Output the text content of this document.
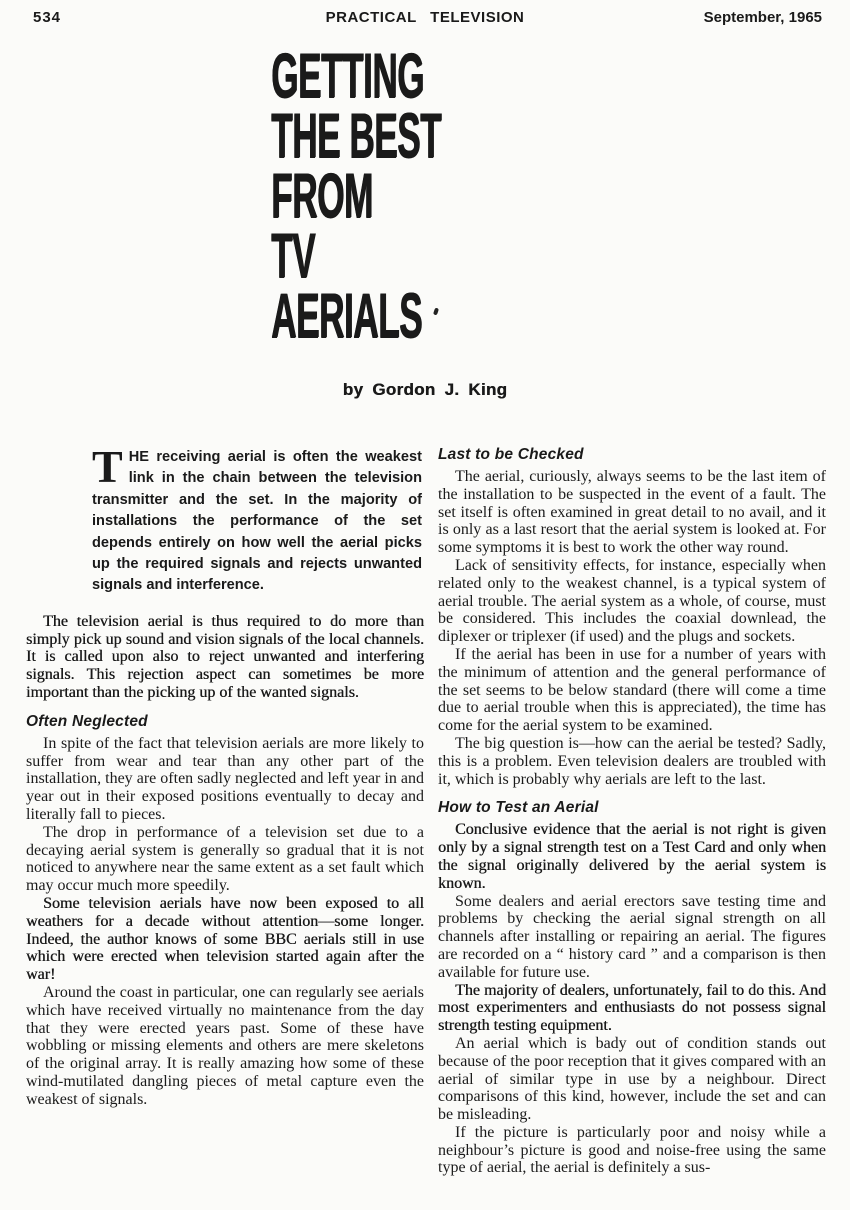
534	PRACTICAL TELEVISION	September, 1965
GETTING
THE BEST
FROM
TV
AERIALS
by Gordon J. King

THE receiving aerial is often the weakest link in the chain between the television transmitter and the set. In the majority of installations the performance of the set depends entirely on how well the aerial picks up the required signals and rejects unwanted signals and interference.

The television aerial is thus required to do more than simply pick up sound and vision signals of the local channels. It is called upon also to reject unwanted and interfering signals. This rejection aspect can sometimes be more important than the picking up of the wanted signals.

Often Neglected

In spite of the fact that television aerials are more likely to suffer from wear and tear than any other part of the installation, they are often sadly neglected and left year in and year out in their exposed positions eventually to decay and literally fall to pieces.

The drop in performance of a television set due to a decaying aerial system is generally so gradual that it is not noticed to anywhere near the same extent as a set fault which may occur much more speedily.

Some television aerials have now been exposed to all weathers for a decade without attention—some longer. Indeed, the author knows of some BBC aerials still in use which were erected when television started again after the war!

Around the coast in particular, one can regularly see aerials which have received virtually no maintenance from the day that they were erected years past. Some of these have wobbling or missing elements and others are mere skeletons of the original array. It is really amazing how some of these wind-mutilated dangling pieces of metal capture even the weakest of signals.

Last to be Checked

The aerial, curiously, always seems to be the last item of the installation to be suspected in the event of a fault. The set itself is often examined in great detail to no avail, and it is only as a last resort that the aerial system is looked at. For some symptoms it is best to work the other way round.

Lack of sensitivity effects, for instance, especially when related only to the weakest channel, is a typical system of aerial trouble. The aerial system as a whole, of course, must be considered. This includes the coaxial downlead, the diplexer or triplexer (if used) and the plugs and sockets.

If the aerial has been in use for a number of years with the minimum of attention and the general performance of the set seems to be below standard (there will come a time due to aerial trouble when this is appreciated), the time has come for the aerial system to be examined.

The big question is—how can the aerial be tested? Sadly, this is a problem. Even television dealers are troubled with it, which is probably why aerials are left to the last.

How to Test an Aerial

Conclusive evidence that the aerial is not right is given only by a signal strength test on a Test Card and only when the signal originally delivered by the aerial system is known.

Some dealers and aerial erectors save testing time and problems by checking the aerial signal strength on all channels after installing or repairing an aerial. The figures are recorded on a “ history card ” and a comparison is then available for future use.

The majority of dealers, unfortunately, fail to do this. And most experimenters and enthusiasts do not possess signal strength testing equipment.

An aerial which is bady out of condition stands out because of the poor reception that it gives compared with an aerial of similar type in use by a neighbour. Direct comparisons of this kind, however, include the set and can be misleading.

If the picture is particularly poor and noisy while a neighbour’s picture is good and noise-free using the same type of aerial, the aerial is definitely a sus-
